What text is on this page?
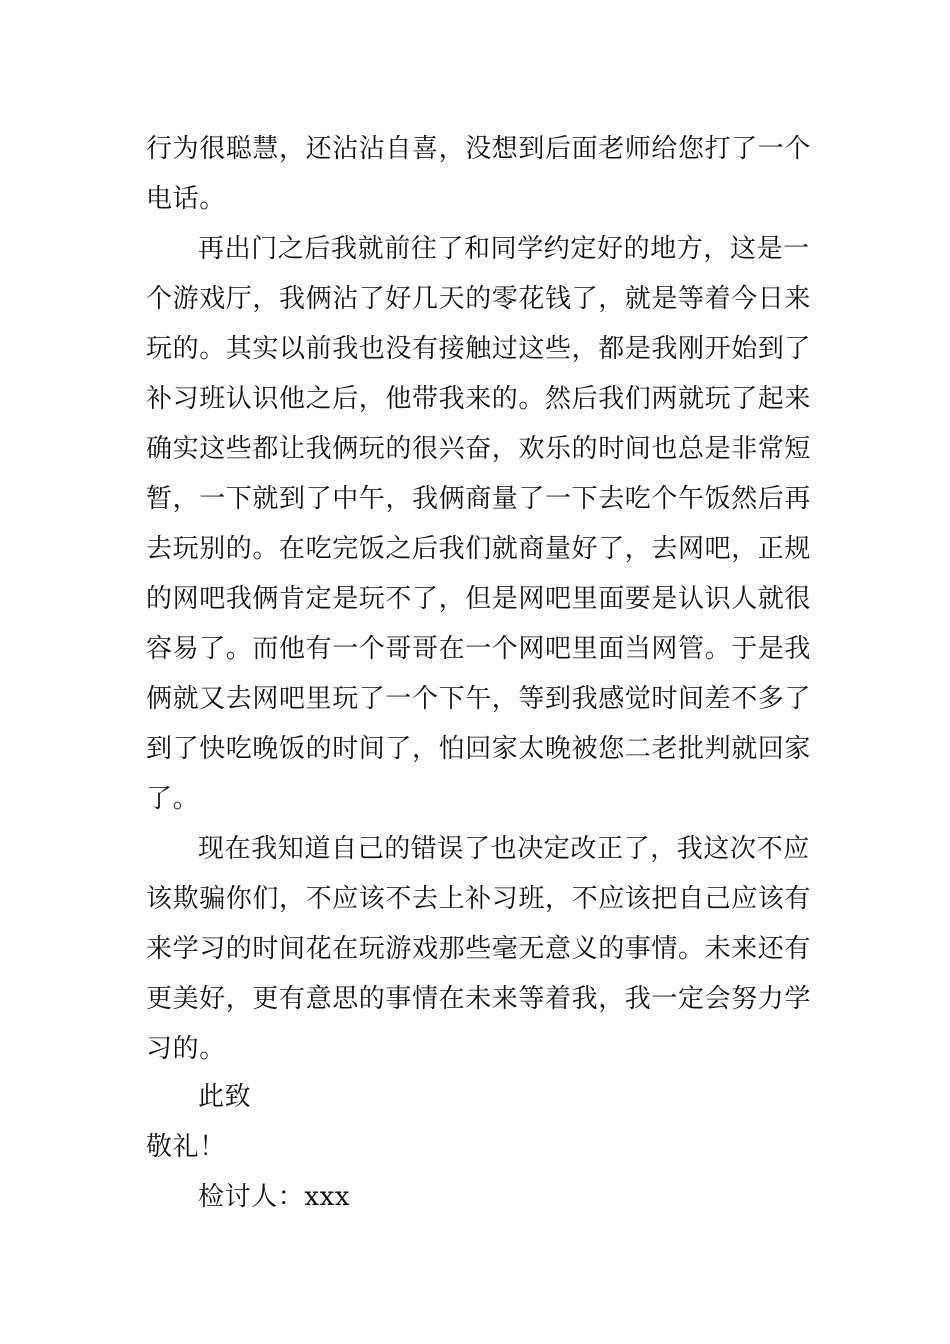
行为很聪慧，还沾沾自喜，没想到后面老师给您打了一个
电话。
再出门之后我就前往了和同学约定好的地方，这是一
个游戏厅，我俩沾了好几天的零花钱了，就是等着今日来
玩的。其实以前我也没有接触过这些，都是我刚开始到了
补习班认识他之后，他带我来的。然后我们两就玩了起来
确实这些都让我俩玩的很兴奋，欢乐的时间也总是非常短
暂，一下就到了中午，我俩商量了一下去吃个午饭然后再
去玩别的。在吃完饭之后我们就商量好了，去网吧，正规
的网吧我俩肯定是玩不了，但是网吧里面要是认识人就很
容易了。而他有一个哥哥在一个网吧里面当网管。于是我
俩就又去网吧里玩了一个下午，等到我感觉时间差不多了
到了快吃晚饭的时间了，怕回家太晚被您二老批判就回家
了。
现在我知道自己的错误了也决定改正了，我这次不应
该欺骗你们，不应该不去上补习班，不应该把自己应该有
来学习的时间花在玩游戏那些毫无意义的事情。未来还有
更美好，更有意思的事情在未来等着我，我一定会努力学
习的。
此致
敬礼！
检讨人：xxx
